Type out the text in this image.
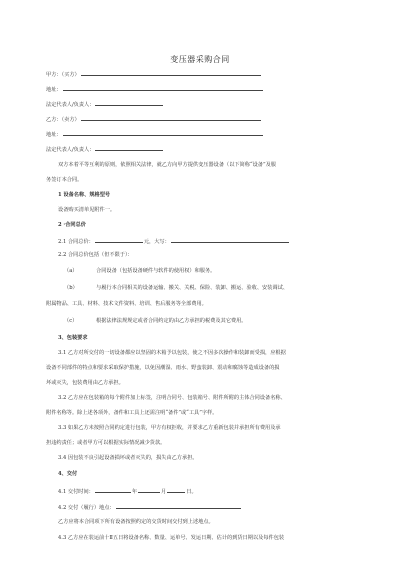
变压器采购合同
甲方：（买方）
地址：
法定代表人/负责人：
乙方：（卖方）
地址：
法定代表人/负责人：
双方本着平等互利的原则，依照相关法律，就乙方向甲方提供变压器设备（以下简称“设备”及服
务签订本合同。
1 设备名称、规格型号
设备购买清单见附件一。
2 ·合同总价
2.1 合同总价：	元，大写：
2.2 合同总价包括（但不限于）：
（a）	合同设备（包括设备硬件与软件的使用权）和服务。
（b）	与履行本合同相关的设备运输、搬关、关税、保险、装卸、搬运、验收、安装调试、
附属物品、工具、材料、技术文件资料、培训、售后服务等全部费用。
（c）	根据法律法规规定或者合同约定的由乙方承担的税费及其它费用。
3、包装要求
3.1 乙方对所交付的一切设备都应以坚固的木箱予以包装，使之不因多次操作和装卸而受损，应根据
设备不同部件的特点和要求采取保护措施，以免因潮湿、雨水、野蛮装卸、震动和腐蚀等造成设备的损
坏或灭失，包装费用由乙方承担。
3.2 乙方应在包装箱的每个附件加上标签，注明合同号、包装箱号、附件所附的主体合同设备名称、
附件名称等。除上述各项外，备件和工具上还需注明“备件”或“工具”字样。
3.3 如果乙方未按照合同约定进行包装，甲方有权拒收，并要求乙方重新包装并承担所有费用及承
担违约责任；或者甲方可以根据实际情况减少货款。
3.4 因包装不良引起设备损坏或者灭失的，损失由乙方承担。
4、交付
4.1 交付时间：	年	月	日。
4.2 交付（履行）地点：
乙方应将本合同项下所有设备按照约定的交货时间交付到上述地点。
4.3 乙方应在装运前十Ⅱ五日将设备名称、数量、运单号、发运日期、估计的到货日期以及每件包装
